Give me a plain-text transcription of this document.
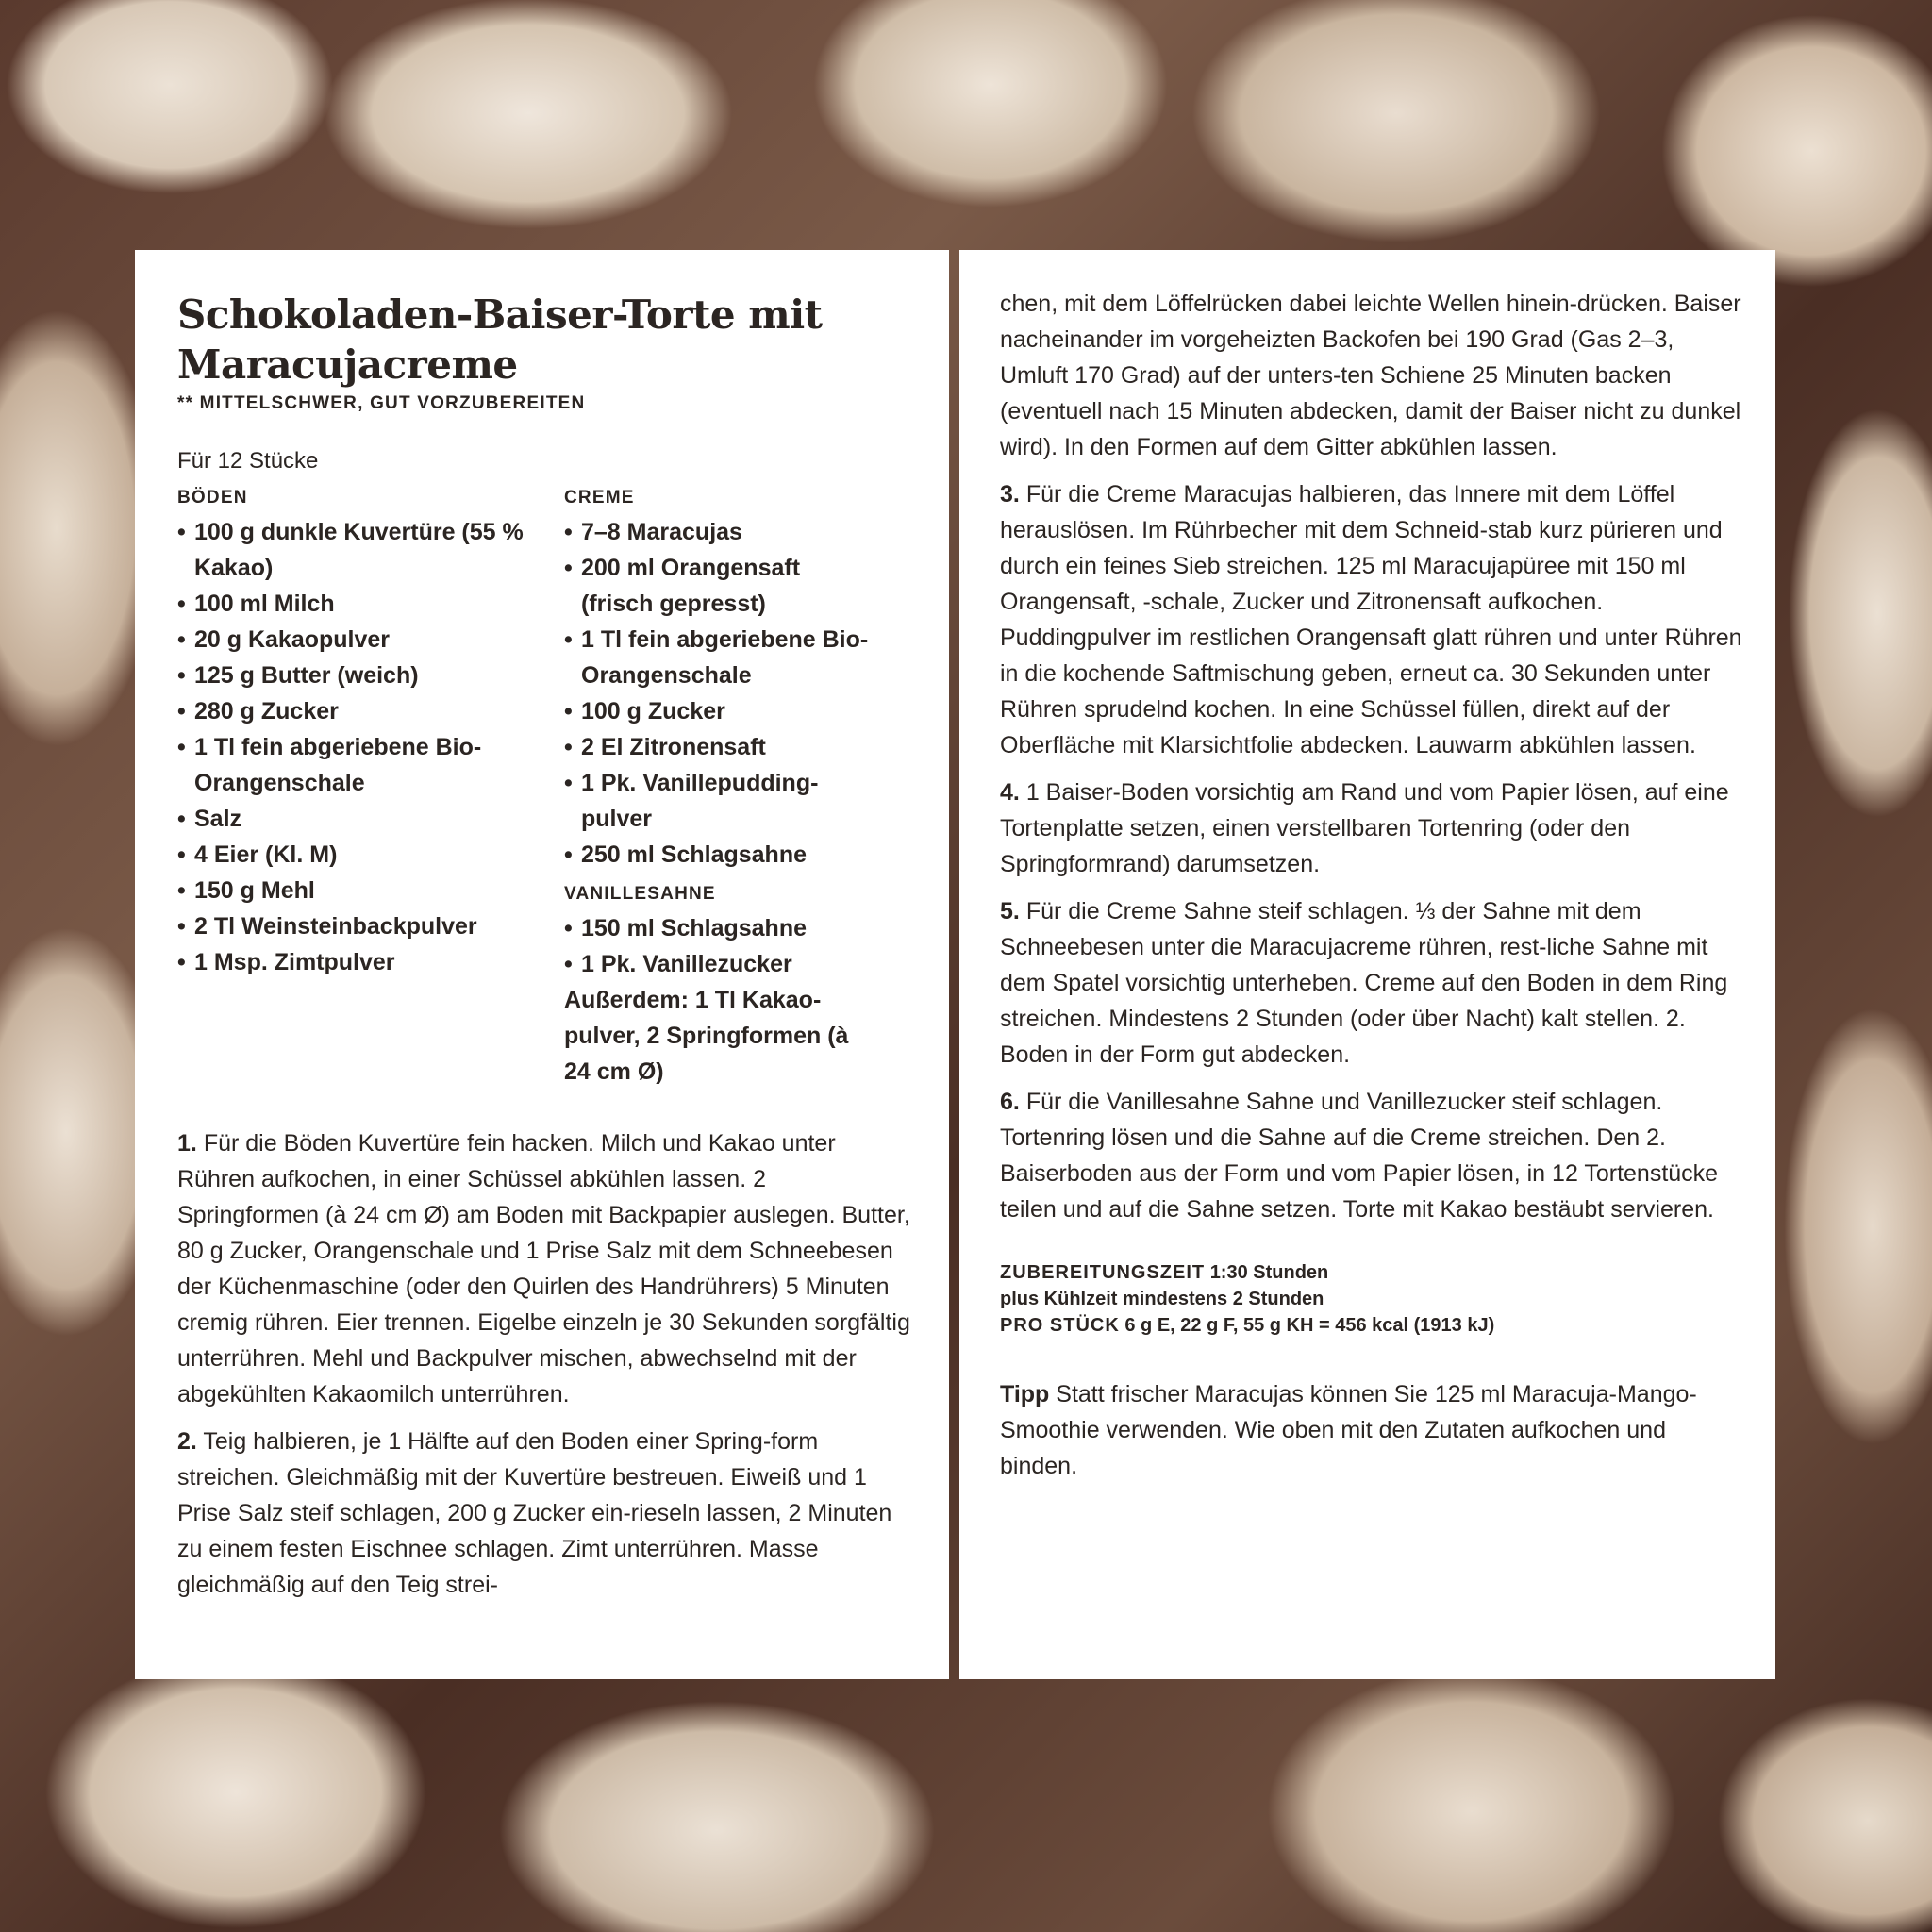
Schokoladen-Baiser-Torte mit Maracujacreme
** MITTELSCHWER, GUT VORZUBEREITEN
Für 12 Stücke
BÖDEN
• 100 g dunkle Kuvertüre (55 % Kakao)
• 100 ml Milch
• 20 g Kakaopulver
• 125 g Butter (weich)
• 280 g Zucker
• 1 Tl fein abgeriebene Bio-Orangenschale
• Salz
• 4 Eier (Kl. M)
• 150 g Mehl
• 2 Tl Weinsteinbackpulver
• 1 Msp. Zimtpulver
CREME
• 7–8 Maracujas
• 200 ml Orangensaft (frisch gepresst)
• 1 Tl fein abgeriebene Bio-Orangenschale
• 100 g Zucker
• 2 El Zitronensaft
• 1 Pk. Vanillepudding-pulver
• 250 ml Schlagsahne
VANILLESAHNE
• 150 ml Schlagsahne
• 1 Pk. Vanillezucker
Außerdem: 1 Tl Kakao-pulver, 2 Springformen (à 24 cm Ø)

1. Für die Böden Kuvertüre fein hacken. Milch und Kakao unter Rühren aufkochen, in einer Schüssel abkühlen lassen. 2 Springformen (à 24 cm Ø) am Boden mit Backpapier auslegen. Butter, 80 g Zucker, Orangenschale und 1 Prise Salz mit dem Schneebesen der Küchenmaschine (oder den Quirlen des Handrührers) 5 Minuten cremig rühren. Eier trennen. Eigelbe einzeln je 30 Sekunden sorgfältig unterrühren. Mehl und Backpulver mischen, abwechselnd mit der abgekühlten Kakaomilch unterrühren.

2. Teig halbieren, je 1 Hälfte auf den Boden einer Spring-form streichen. Gleichmäßig mit der Kuvertüre bestreuen. Eiweiß und 1 Prise Salz steif schlagen, 200 g Zucker ein-rieseln lassen, 2 Minuten zu einem festen Eischnee schlagen. Zimt unterrühren. Masse gleichmäßig auf den Teig strei-

chen, mit dem Löffelrücken dabei leichte Wellen hinein-drücken. Baiser nacheinander im vorgeheizten Backofen bei 190 Grad (Gas 2–3, Umluft 170 Grad) auf der unters-ten Schiene 25 Minuten backen (eventuell nach 15 Minuten abdecken, damit der Baiser nicht zu dunkel wird). In den Formen auf dem Gitter abkühlen lassen.

3. Für die Creme Maracujas halbieren, das Innere mit dem Löffel herauslösen. Im Rührbecher mit dem Schneid-stab kurz pürieren und durch ein feines Sieb streichen. 125 ml Maracujapüree mit 150 ml Orangensaft, -schale, Zucker und Zitronensaft aufkochen. Puddingpulver im restlichen Orangensaft glatt rühren und unter Rühren in die kochende Saftmischung geben, erneut ca. 30 Sekunden unter Rühren sprudelnd kochen. In eine Schüssel füllen, direkt auf der Oberfläche mit Klarsichtfolie abdecken. Lauwarm abkühlen lassen.

4. 1 Baiser-Boden vorsichtig am Rand und vom Papier lösen, auf eine Tortenplatte setzen, einen verstellbaren Tortenring (oder den Springformrand) darumsetzen.

5. Für die Creme Sahne steif schlagen. ⅓ der Sahne mit dem Schneebesen unter die Maracujacreme rühren, rest-liche Sahne mit dem Spatel vorsichtig unterheben. Creme auf den Boden in dem Ring streichen. Mindestens 2 Stunden (oder über Nacht) kalt stellen. 2. Boden in der Form gut abdecken.

6. Für die Vanillesahne Sahne und Vanillezucker steif schlagen. Tortenring lösen und die Sahne auf die Creme streichen. Den 2. Baiserboden aus der Form und vom Papier lösen, in 12 Tortenstücke teilen und auf die Sahne setzen. Torte mit Kakao bestäubt servieren.

ZUBEREITUNGSZEIT 1:30 Stunden
plus Kühlzeit mindestens 2 Stunden
PRO STÜCK 6 g E, 22 g F, 55 g KH = 456 kcal (1913 kJ)

Tipp Statt frischer Maracujas können Sie 125 ml Maracuja-Mango-Smoothie verwenden. Wie oben mit den Zutaten aufkochen und binden.
